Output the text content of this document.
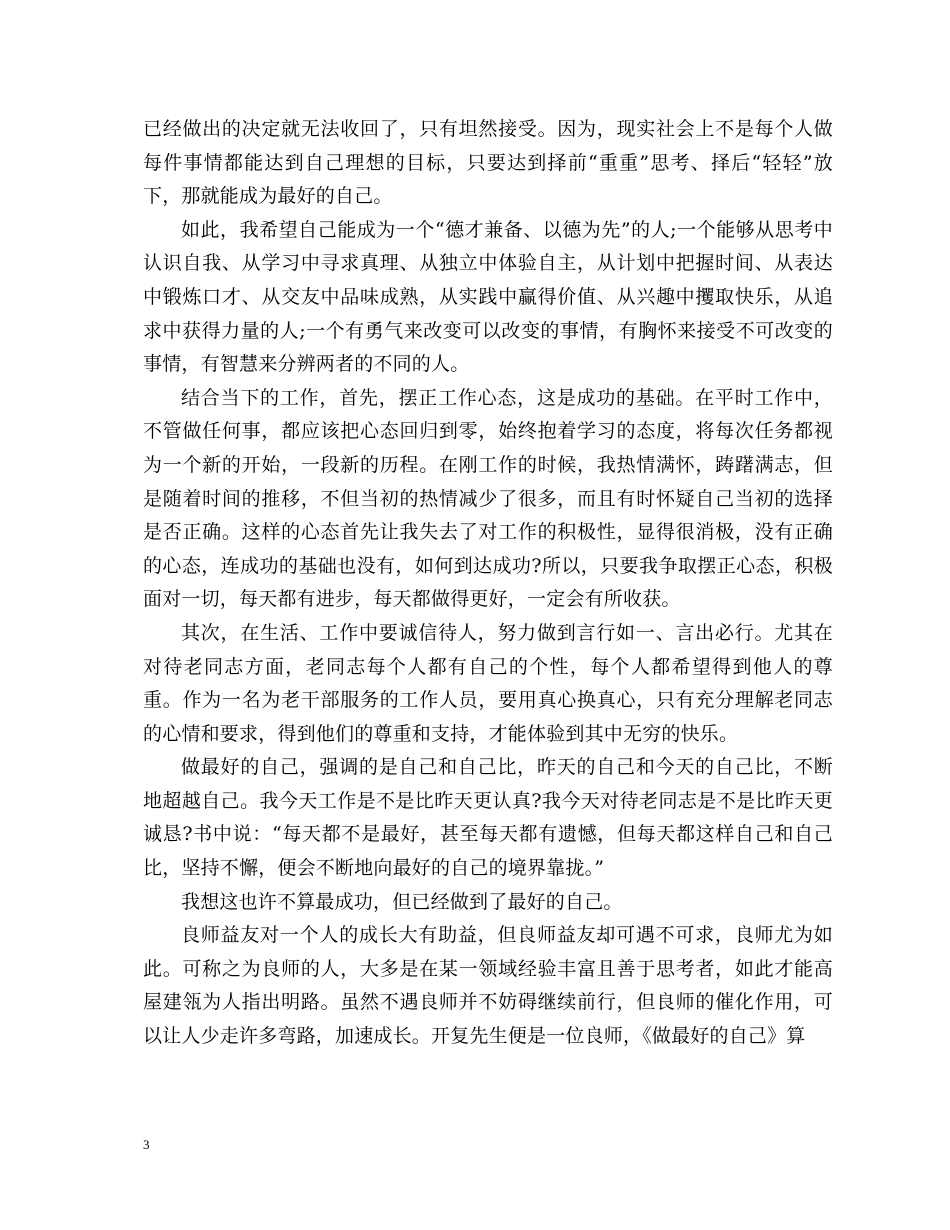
已经做出的决定就无法收回了，只有坦然接受。因为，现实社会上不是每个人做每件事情都能达到自己理想的目标，只要达到择前“重重”思考、择后“轻轻”放下，那就能成为最好的自己。

如此，我希望自己能成为一个“德才兼备、以德为先”的人;一个能够从思考中认识自我、从学习中寻求真理、从独立中体验自主，从计划中把握时间、从表达中锻炼口才、从交友中品味成熟，从实践中赢得价值、从兴趣中攫取快乐，从追求中获得力量的人;一个有勇气来改变可以改变的事情，有胸怀来接受不可改变的事情，有智慧来分辨两者的不同的人。

结合当下的工作，首先，摆正工作心态，这是成功的基础。在平时工作中，不管做任何事，都应该把心态回归到零，始终抱着学习的态度，将每次任务都视为一个新的开始，一段新的历程。在刚工作的时候，我热情满怀，踌躇满志，但是随着时间的推移，不但当初的热情减少了很多，而且有时怀疑自己当初的选择是否正确。这样的心态首先让我失去了对工作的积极性，显得很消极，没有正确的心态，连成功的基础也没有，如何到达成功?所以，只要我争取摆正心态，积极面对一切，每天都有进步，每天都做得更好，一定会有所收获。

其次，在生活、工作中要诚信待人，努力做到言行如一、言出必行。尤其在对待老同志方面，老同志每个人都有自己的个性，每个人都希望得到他人的尊重。作为一名为老干部服务的工作人员，要用真心换真心，只有充分理解老同志的心情和要求，得到他们的尊重和支持，才能体验到其中无穷的快乐。

做最好的自己，强调的是自己和自己比，昨天的自己和今天的自己比，不断地超越自己。我今天工作是不是比昨天更认真?我今天对待老同志是不是比昨天更诚恳?书中说：“每天都不是最好，甚至每天都有遗憾，但每天都这样自己和自己比，坚持不懈，便会不断地向最好的自己的境界靠拢。”

我想这也许不算最成功，但已经做到了最好的自己。

良师益友对一个人的成长大有助益，但良师益友却可遇不可求，良师尤为如此。可称之为良师的人，大多是在某一领域经验丰富且善于思考者，如此才能高屋建瓴为人指出明路。虽然不遇良师并不妨碍继续前行，但良师的催化作用，可以让人少走许多弯路，加速成长。开复先生便是一位良师，《做最好的自己》算

3
